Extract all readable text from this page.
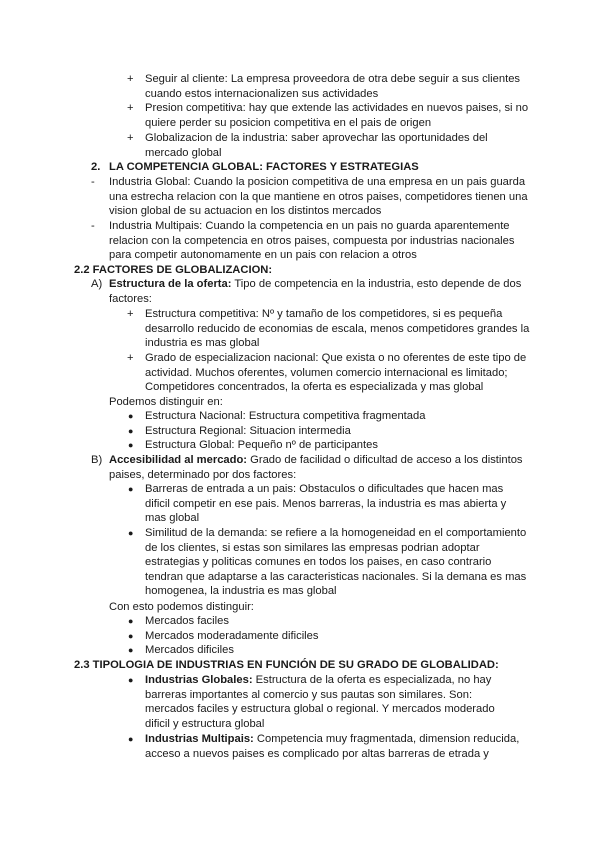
+ Seguir al cliente: La empresa proveedora de otra debe seguir a sus clientes cuando estos internacionalizen sus actividades
+ Presion competitiva: hay que extende las actividades en nuevos paises, si no quiere perder su posicion competitiva en el pais de origen
+ Globalizacion de la industria: saber aprovechar las oportunidades del mercado global
2. LA COMPETENCIA GLOBAL: FACTORES Y ESTRATEGIAS
- Industria Global: Cuando la posicion competitiva de una empresa en un pais guarda una estrecha relacion con la que mantiene en otros paises, competidores tienen una vision global de su actuacion en los distintos mercados
- Industria Multipais: Cuando la competencia en un pais no guarda aparentemente relacion con la competencia en otros paises, compuesta por industrias nacionales para competir autonomamente en un pais con relacion a otros
2.2 FACTORES DE GLOBALIZACION:
A) Estructura de la oferta: Tipo de competencia en la industria, esto depende de dos factores:
+ Estructura competitiva: Nº y tamaño de los competidores, si es pequeña desarrollo reducido de economias de escala, menos competidores grandes la industria es mas global
+ Grado de especializacion nacional: Que exista o no oferentes de este tipo de actividad. Muchos oferentes, volumen comercio internacional es limitado; Competidores concentrados, la oferta es especializada y mas global
Podemos distinguir en:
● Estructura Nacional: Estructura competitiva fragmentada
● Estructura Regional: Situacion intermedia
● Estructura Global: Pequeño nº de participantes
B) Accesibilidad al mercado: Grado de facilidad o dificultad de acceso a los distintos paises, determinado por dos factores:
● Barreras de entrada a un pais: Obstaculos o dificultades que hacen mas dificil competir en ese pais. Menos barreras, la industria es mas abierta y mas global
● Similitud de la demanda: se refiere a la homogeneidad en el comportamiento de los clientes, si estas son similares las empresas podrian adoptar estrategias y politicas comunes en todos los paises, en caso contrario tendran que adaptarse a las caracteristicas nacionales. Si la demana es mas homogenea, la industria es mas global
Con esto podemos distinguir:
● Mercados faciles
● Mercados moderadamente dificiles
● Mercados dificiles
2.3 TIPOLOGIA DE INDUSTRIAS EN FUNCIÓN DE SU GRADO DE GLOBALIDAD:
● Industrias Globales: Estructura de la oferta es especializada, no hay barreras importantes al comercio y sus pautas son similares. Son: mercados faciles y estructura global o regional. Y mercados moderado dificil y estructura global
● Industrias Multipais: Competencia muy fragmentada, dimension reducida, acceso a nuevos paises es complicado por altas barreras de etrada y
